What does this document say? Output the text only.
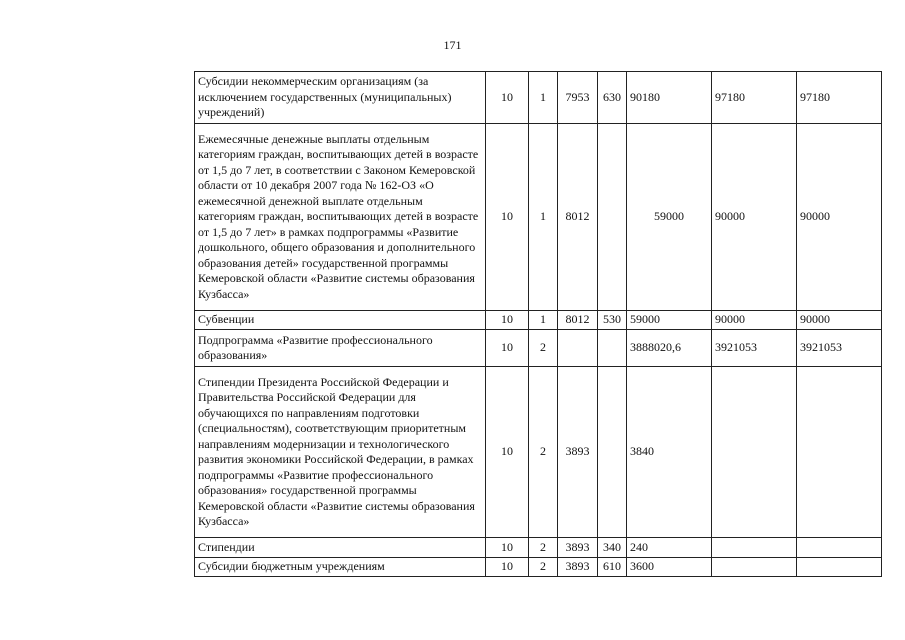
171
Субсидии некоммерческим организациям (за исключением государственных (муниципальных) учреждений)	10	1	7953	630	90180	97180	97180
Ежемесячные денежные выплаты отдельным категориям граждан, воспитывающих детей в возрасте от 1,5 до 7 лет, в соответствии с Законом Кемеровской области от 10 декабря 2007 года № 162-ОЗ «О ежемесячной денежной выплате отдельным категориям граждан, воспитывающих детей в возрасте от 1,5 до 7 лет» в рамках подпрограммы «Развитие дошкольного, общего образования и дополнительного образования детей» государственной программы Кемеровской области «Развитие системы образования Кузбасса»	10	1	8012		59000	90000	90000
Субвенции	10	1	8012	530	59000	90000	90000
Подпрограмма «Развитие профессионального образования»	10	2			3888020,6	3921053	3921053
Стипендии Президента Российской Федерации и Правительства Российской Федерации для обучающихся по направлениям подготовки (специальностям), соответствующим приоритетным направлениям модернизации и технологического развития экономики Российской Федерации, в рамках подпрограммы «Развитие профессионального образования» государственной программы Кемеровской области «Развитие системы образования Кузбасса»	10	2	3893		3840		
Стипендии	10	2	3893	340	240		
Субсидии бюджетным учреждениям	10	2	3893	610	3600		
